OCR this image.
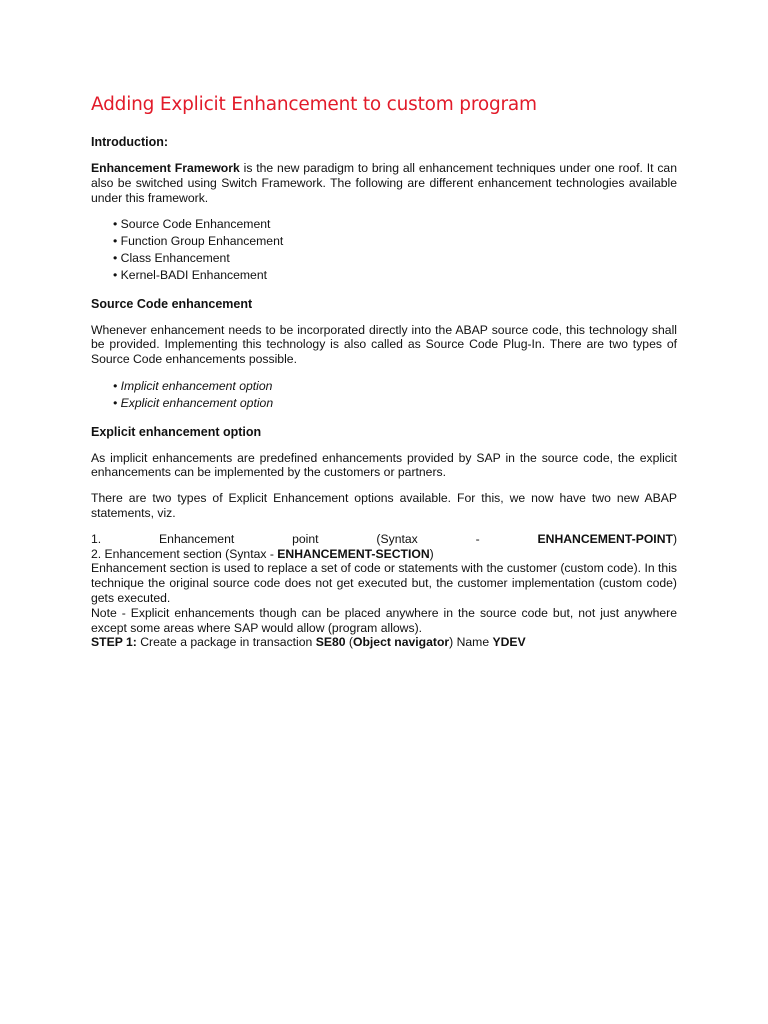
Adding Explicit Enhancement to custom program
Introduction:

Enhancement Framework is the new paradigm to bring all enhancement techniques under one roof. It can also be switched using Switch Framework. The following are different enhancement technologies available under this framework.

• Source Code Enhancement
• Function Group Enhancement
• Class Enhancement
• Kernel-BADI Enhancement
Source Code enhancement

Whenever enhancement needs to be incorporated directly into the ABAP source code, this technology shall be provided. Implementing this technology is also called as Source Code Plug-In. There are two types of Source Code enhancements possible.

• Implicit enhancement option
• Explicit enhancement option
Explicit enhancement option

As implicit enhancements are predefined enhancements provided by SAP in the source code, the explicit enhancements can be implemented by the customers or partners.

There are two types of Explicit Enhancement options available. For this, we now have two new ABAP statements, viz.

1.	Enhancement	point	(Syntax	-	ENHANCEMENT-POINT)

2. Enhancement section (Syntax - ENHANCEMENT-SECTION)

Enhancement section is used to replace a set of code or statements with the customer (custom code). In this technique the original source code does not get executed but, the customer implementation (custom code) gets executed.

Note - Explicit enhancements though can be placed anywhere in the source code but, not just anywhere except some areas where SAP would allow (program allows).

STEP 1: Create a package in transaction SE80 (Object navigator) Name YDEV
